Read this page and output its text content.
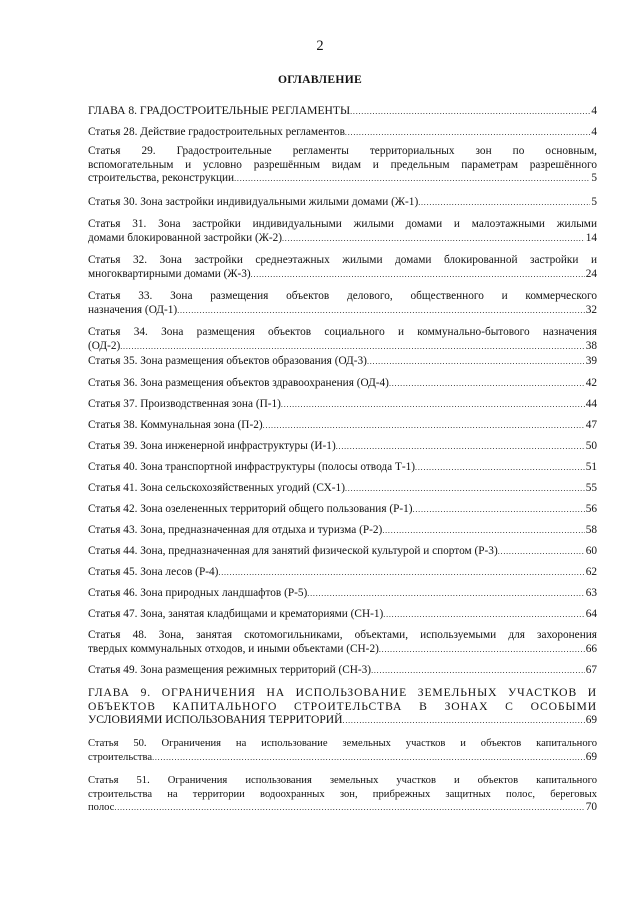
2
ОГЛАВЛЕНИЕ
ГЛАВА 8. ГРАДОСТРОИТЕЛЬНЫЕ РЕГЛАМЕНТЫ . . .	4
Статья 28. Действие градостроительных регламентов . . .	4
Статья 29. Градостроительные регламенты территориальных зон по основным,
вспомогательным и условно разрешённым видам и предельным параметрам разрешённого
строительства, реконструкции . . .	5
Статья 30. Зона застройки индивидуальными жилыми домами (Ж-1) . . .	5
Статья 31. Зона застройки индивидуальными жилыми домами и малоэтажными жилыми
домами блокированной застройки (Ж-2) . . .	14
Статья 32. Зона застройки среднеэтажных жилыми домами блокированной застройки и
многоквартирными домами (Ж-3) . . .	24
Статья 33. Зона размещения объектов делового, общественного и коммерческого
назначения (ОД-1) . . .	32
Статья 34. Зона размещения объектов социального и коммунально-бытового назначения
(ОД-2) . . .	38
Статья 35. Зона размещения объектов образования (ОД-3) . . .	39
Статья 36. Зона размещения объектов здравоохранения (ОД-4) . . .	42
Статья 37. Производственная зона (П-1) . . .	44
Статья 38. Коммунальная зона (П-2) . . .	47
Статья 39. Зона инженерной инфраструктуры (И-1) . . .	50
Статья 40. Зона транспортной инфраструктуры (полосы отвода Т-1) . . .	51
Статья 41. Зона сельскохозяйственных угодий (СХ-1) . . .	55
Статья 42. Зона озелененных территорий общего пользования (Р-1) . . .	56
Статья 43. Зона, предназначенная для отдыха и туризма (Р-2) . . .	58
Статья 44. Зона, предназначенная для занятий физической культурой и спортом (Р-3) . . .	60
Статья 45. Зона лесов (Р-4) . . .	62
Статья 46. Зона природных ландшафтов (Р-5) . . .	63
Статья 47. Зона, занятая кладбищами и крематориями (СН-1) . . .	64
Статья 48. Зона, занятая скотомогильниками, объектами, используемыми для захоронения
твердых коммунальных отходов, и иными объектами (СН-2) . . .	66
Статья 49. Зона размещения режимных территорий (СН-3) . . .	67
ГЛАВА 9. ОГРАНИЧЕНИЯ НА ИСПОЛЬЗОВАНИЕ ЗЕМЕЛЬНЫХ УЧАСТКОВ И
ОБЪЕКТОВ КАПИТАЛЬНОГО СТРОИТЕЛЬСТВА В ЗОНАХ С ОСОБЫМИ
УСЛОВИЯМИ ИСПОЛЬЗОВАНИЯ ТЕРРИТОРИЙ . . .	69
Статья 50. Ограничения на использование земельных участков и объектов капитального
строительства . . .	69
Статья 51. Ограничения использования земельных участков и объектов капитального
строительства на территории водоохранных зон, прибрежных защитных полос, береговых
полос . . .	70
